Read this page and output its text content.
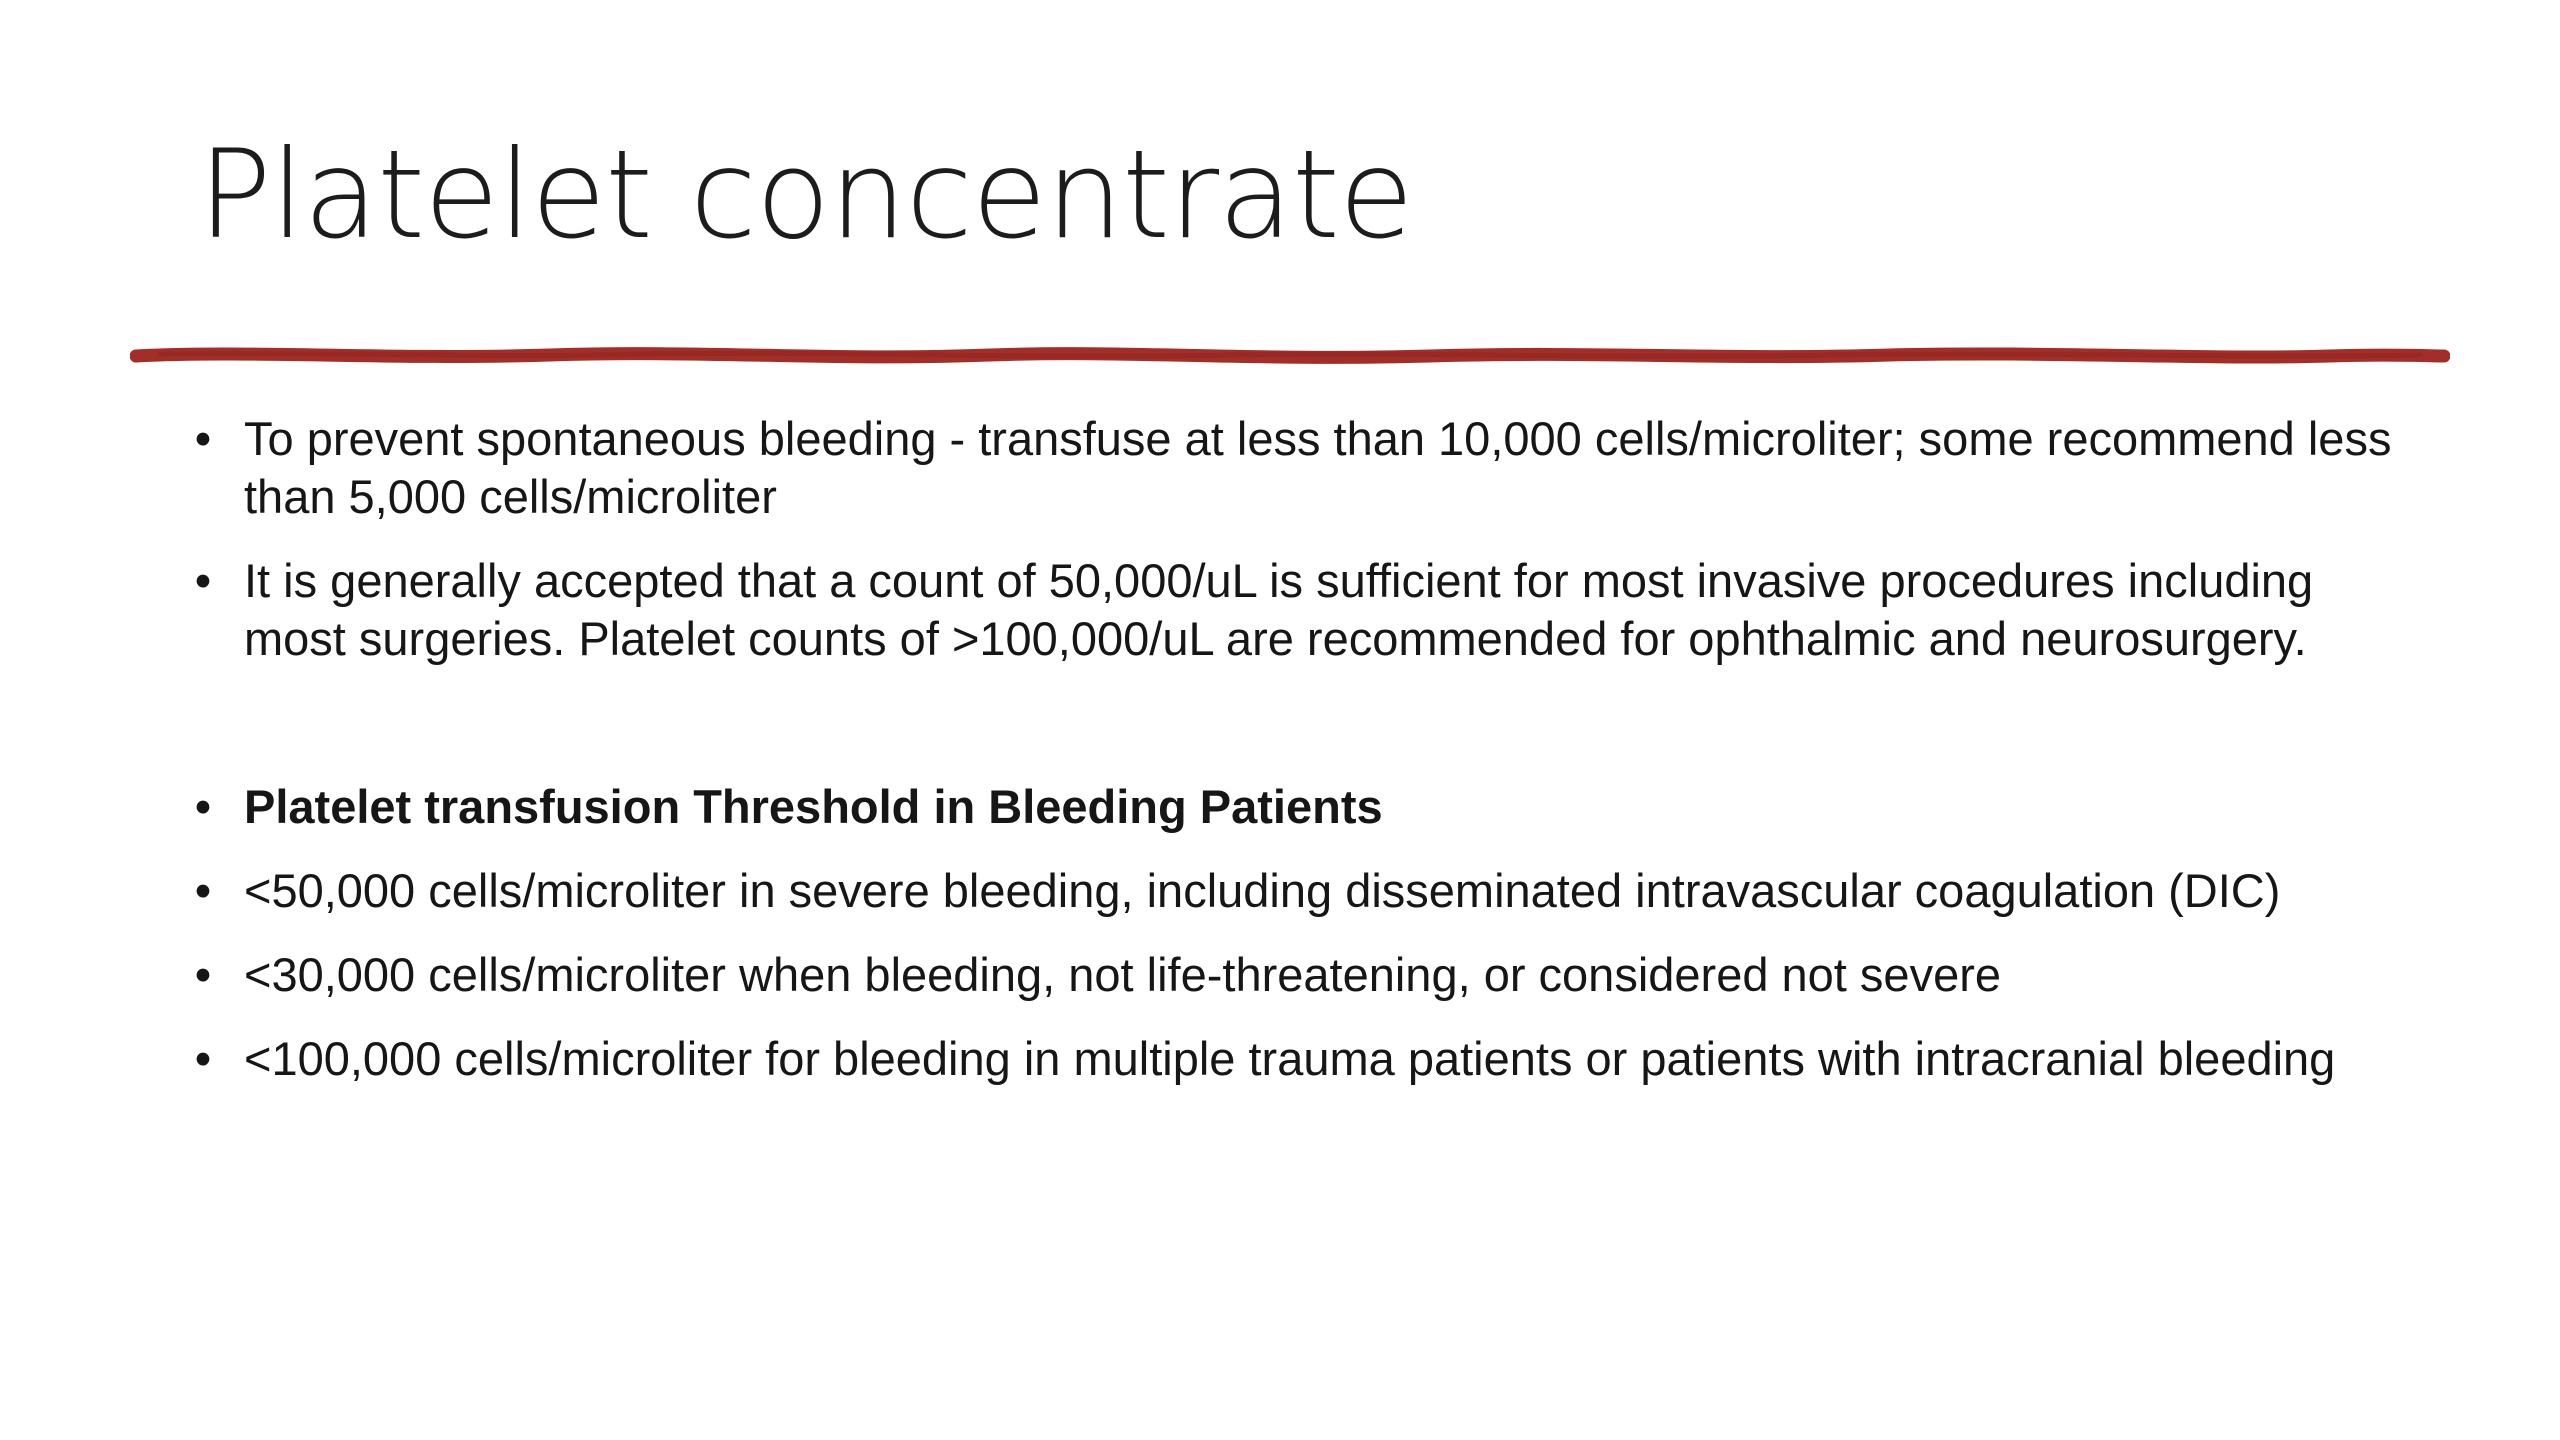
Platelet concentrate
• To prevent spontaneous bleeding - transfuse at less than 10,000 cells/microliter; some recommend less than 5,000 cells/microliter
• It is generally accepted that a count of 50,000/uL is sufficient for most invasive procedures including most surgeries. Platelet counts of >100,000/uL are recommended for ophthalmic and neurosurgery.
• Platelet transfusion Threshold in Bleeding Patients
• <50,000 cells/microliter in severe bleeding, including disseminated intravascular coagulation (DIC)
• <30,000 cells/microliter when bleeding, not life-threatening, or considered not severe
• <100,000 cells/microliter for bleeding in multiple trauma patients or patients with intracranial bleeding
